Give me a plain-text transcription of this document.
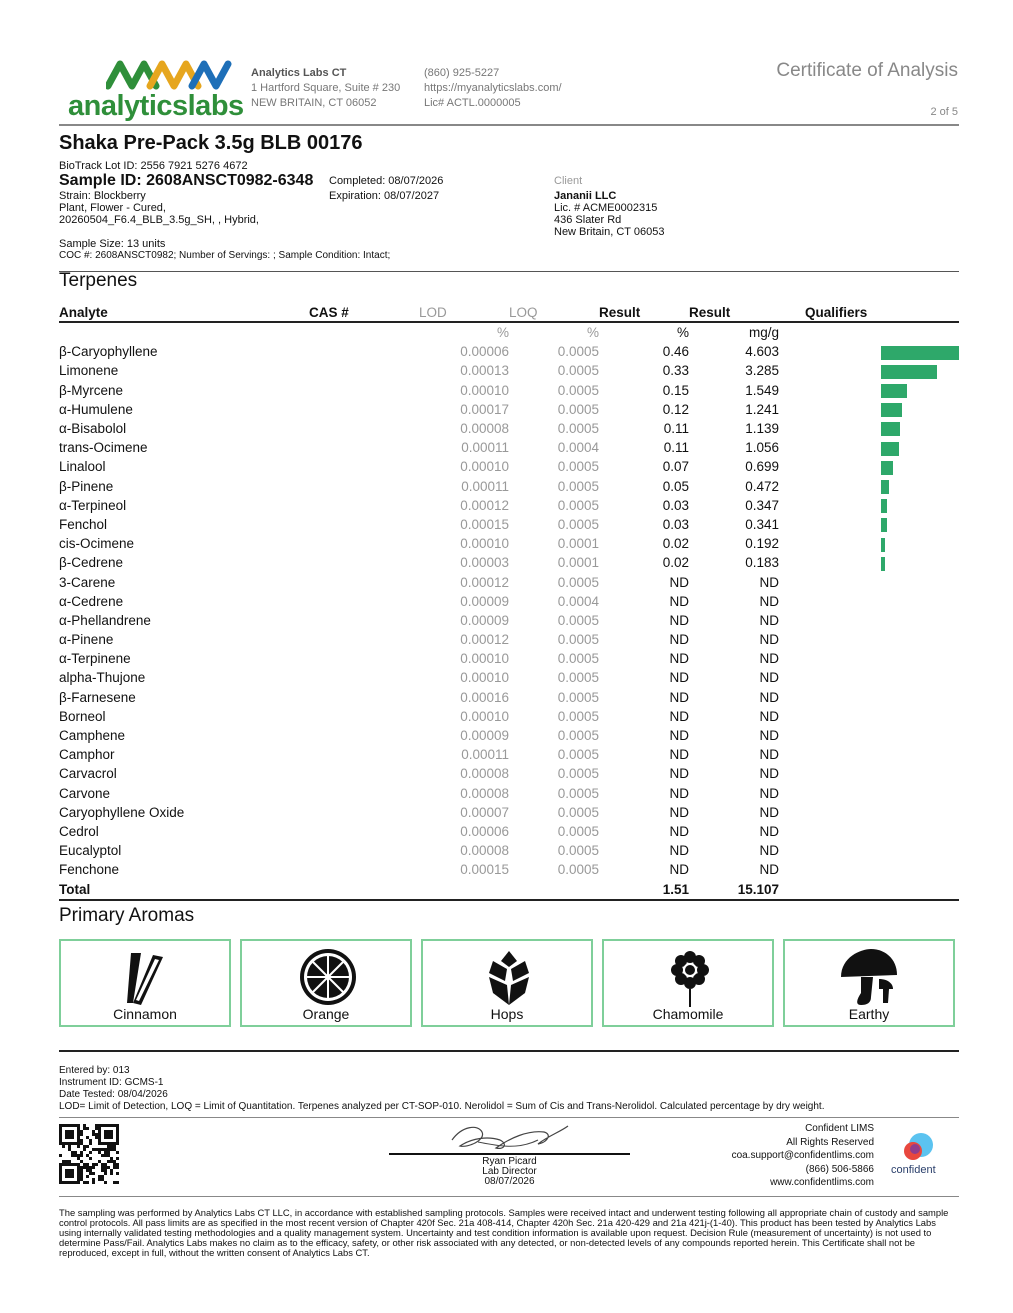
analyticslabs
Analytics Labs CT
1 Hartford Square, Suite # 230
NEW BRITAIN, CT 06052
(860) 925-5227
https://myanalyticslabs.com/
Lic# ACTL.0000005
Certificate of Analysis
2 of 5
Shaka Pre-Pack 3.5g BLB 00176
BioTrack Lot ID: 2556 7921 5276 4672
Sample ID: 2608ANSCT0982-6348
Strain: Blockberry
Plant, Flower - Cured,
20260504_F6.4_BLB_3.5g_SH, , Hybrid,
Completed: 08/07/2026
Expiration: 08/07/2027
Sample Size: 13 units
COC #: 2608ANSCT0982; Number of Servings: ; Sample Condition: Intact;
Client
Jananii LLC
Lic. # ACME0002315
436 Slater Rd
New Britain, CT 06053
Terpenes
Analyte	CAS #	LOD	LOQ	Result	Result	Qualifiers
		%	%	%	mg/g	
β-Caryophyllene		0.00006	0.0005	0.46	4.603	
Limonene		0.00013	0.0005	0.33	3.285	
β-Myrcene		0.00010	0.0005	0.15	1.549	
α-Humulene		0.00017	0.0005	0.12	1.241	
α-Bisabolol		0.00008	0.0005	0.11	1.139	
trans-Ocimene		0.00011	0.0004	0.11	1.056	
Linalool		0.00010	0.0005	0.07	0.699	
β-Pinene		0.00011	0.0005	0.05	0.472	
α-Terpineol		0.00012	0.0005	0.03	0.347	
Fenchol		0.00015	0.0005	0.03	0.341	
cis-Ocimene		0.00010	0.0001	0.02	0.192	
β-Cedrene		0.00003	0.0001	0.02	0.183	
3-Carene		0.00012	0.0005	ND	ND	
α-Cedrene		0.00009	0.0004	ND	ND	
α-Phellandrene		0.00009	0.0005	ND	ND	
α-Pinene		0.00012	0.0005	ND	ND	
α-Terpinene		0.00010	0.0005	ND	ND	
alpha-Thujone		0.00010	0.0005	ND	ND	
β-Farnesene		0.00016	0.0005	ND	ND	
Borneol		0.00010	0.0005	ND	ND	
Camphene		0.00009	0.0005	ND	ND	
Camphor		0.00011	0.0005	ND	ND	
Carvacrol		0.00008	0.0005	ND	ND	
Carvone		0.00008	0.0005	ND	ND	
Caryophyllene Oxide		0.00007	0.0005	ND	ND	
Cedrol		0.00006	0.0005	ND	ND	
Eucalyptol		0.00008	0.0005	ND	ND	
Fenchone		0.00015	0.0005	ND	ND	
Total				1.51	15.107	
Primary Aromas
Cinnamon	Orange	Hops	Chamomile	Earthy
Entered by: 013
Instrument ID: GCMS-1
Date Tested: 08/04/2026
LOD= Limit of Detection, LOQ = Limit of Quantitation. Terpenes analyzed per CT-SOP-010. Nerolidol = Sum of Cis and Trans-Nerolidol. Calculated percentage by dry weight.
Ryan Picard
Lab Director
08/07/2026
Confident LIMS
All Rights Reserved
coa.support@confidentlims.com
(866) 506-5866
www.confidentlims.com
confident
The sampling was performed by Analytics Labs CT LLC, in accordance with established sampling protocols. Samples were received intact and underwent testing following all appropriate chain of custody and sample control protocols. All pass limits are as specified in the most recent version of Chapter 420f Sec. 21a 408-414, Chapter 420h Sec. 21a 420-429 and 21a 421j-(1-40). This product has been tested by Analytics Labs using internally validated testing methodologies and a quality management system. Uncertainty and test condition information is available upon request. Decision Rule (measurement of uncertainty) is not used to determine Pass/Fail. Analytics Labs makes no claim as to the efficacy, safety, or other risk associated with any detected, or non-detected levels of any compounds reported herein. This Certificate shall not be reproduced, except in full, without the written consent of Analytics Labs CT.
